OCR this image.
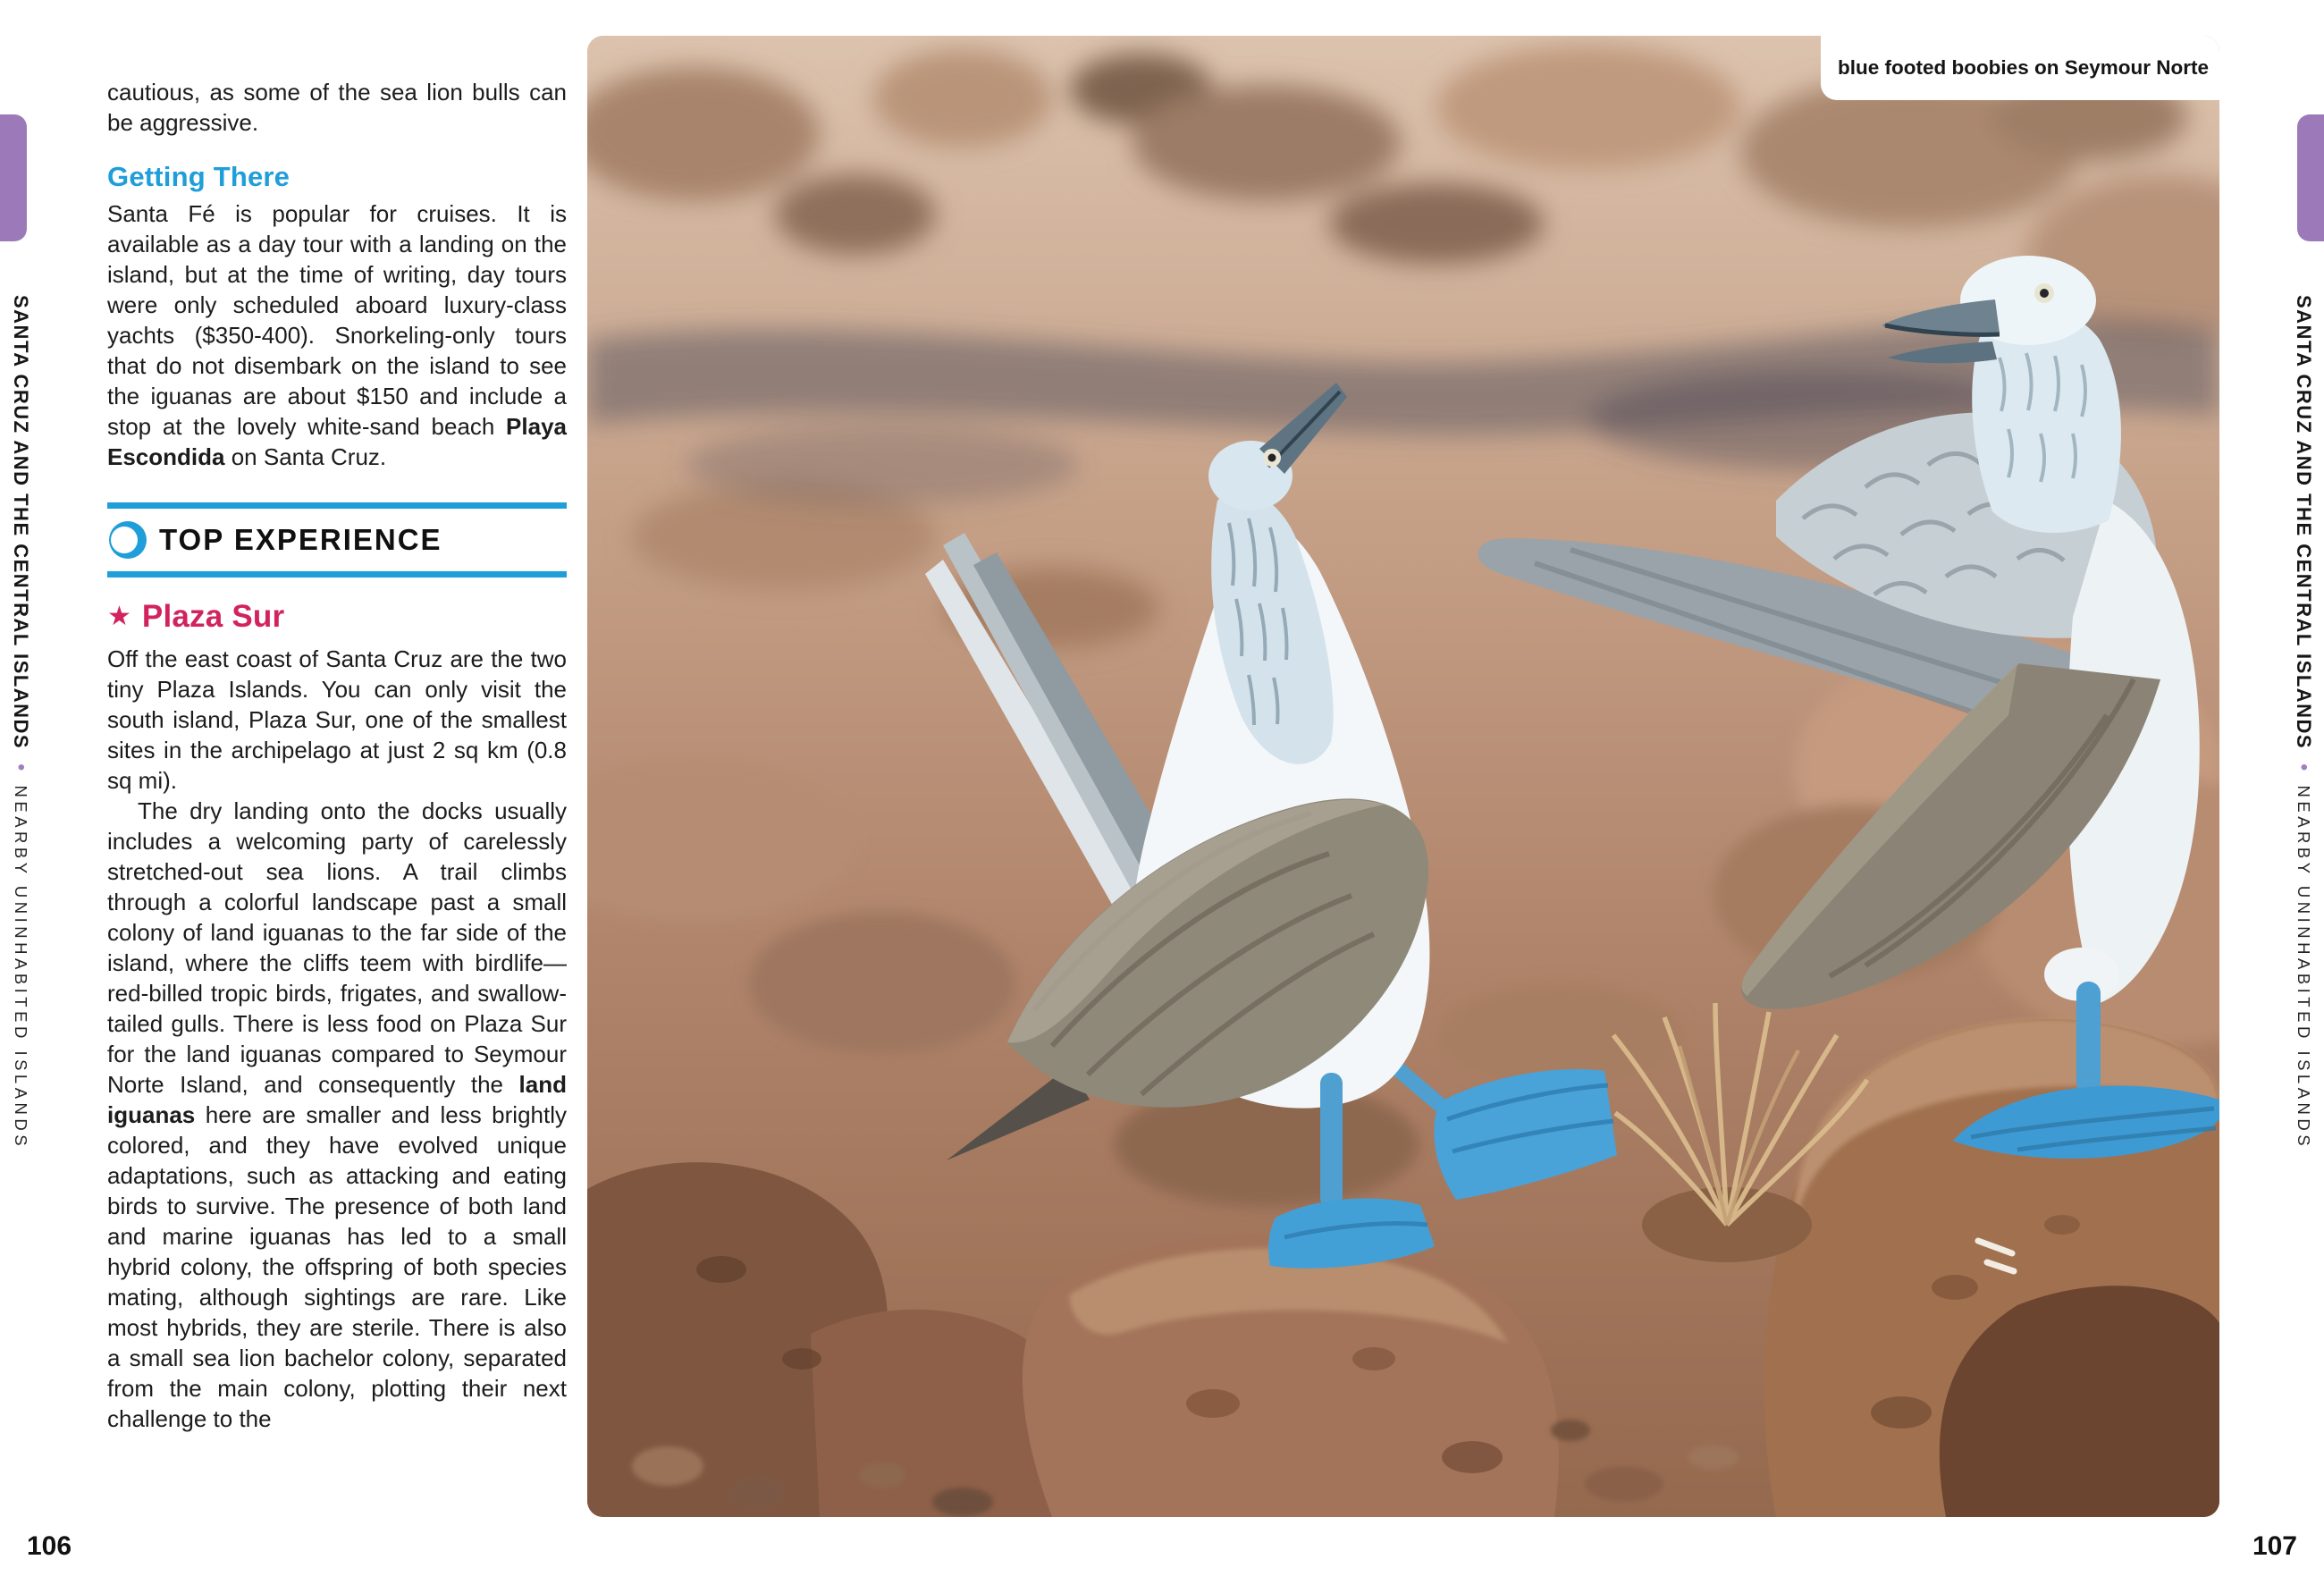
SANTA CRUZ AND THE CENTRAL ISLANDS•NEARBY UNINHABITED ISLANDS
SANTA CRUZ AND THE CENTRAL ISLANDS•NEARBY UNINHABITED ISLANDS

cautious, as some of the sea lion bulls can be aggressive.

Getting There

Santa Fé is popular for cruises. It is available as a day tour with a landing on the island, but at the time of writing, day tours were only scheduled aboard luxury-class yachts ($350-400). Snorkeling-only tours that do not disembark on the island to see the iguanas are about $150 and include a stop at the lovely white-sand beach Playa Escondida on Santa Cruz.

TOP EXPERIENCE
★ Plaza Sur

Off the east coast of Santa Cruz are the two tiny Plaza Islands. You can only visit the south island, Plaza Sur, one of the smallest sites in the archipelago at just 2 sq km (0.8 sq mi).

The dry landing onto the docks usually includes a welcoming party of carelessly stretched-out sea lions. A trail climbs through a colorful landscape past a small colony of land iguanas to the far side of the island, where the cliffs teem with birdlife—red-billed tropic birds, frigates, and swallow-tailed gulls. There is less food on Plaza Sur for the land iguanas compared to Seymour Norte Island, and consequently the land iguanas here are smaller and less brightly colored, and they have evolved unique adaptations, such as attacking and eating birds to survive. The presence of both land and marine iguanas has led to a small hybrid colony, the offspring of both species mating, although sightings are rare. Like most hybrids, they are sterile. There is also a small sea lion bachelor colony, separated from the main colony, plotting their next challenge to the

blue footed boobies on Seymour Norte
106	107
